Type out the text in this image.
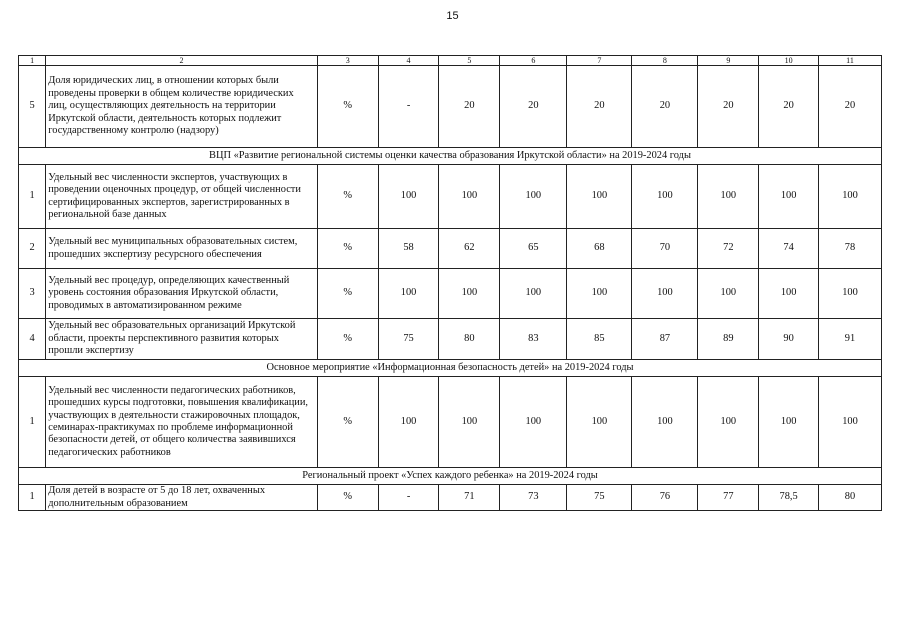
15
1	2	3	4	5	6	7	8	9	10	11
5	Доля юридических лиц, в отношении которых были проведены проверки в общем количестве юридических лиц, осуществляющих деятельность на территории Иркутской области, деятельность которых подлежит государственному контролю (надзору)	%	-	20	20	20	20	20	20	20
ВЦП «Развитие региональной системы оценки качества образования Иркутской области» на 2019-2024 годы										
1	Удельный вес численности экспертов, участвующих в проведении оценочных процедур, от общей численности сертифицированных экспертов, зарегистрированных в региональной базе данных	%	100	100	100	100	100	100	100	100
2	Удельный вес муниципальных образовательных систем, прошедших экспертизу ресурсного обеспечения	%	58	62	65	68	70	72	74	78
3	Удельный вес процедур, определяющих качественный уровень состояния образования Иркутской области, проводимых в автоматизированном режиме	%	100	100	100	100	100	100	100	100
4	Удельный вес образовательных организаций Иркутской области, проекты перспективного развития которых прошли экспертизу	%	75	80	83	85	87	89	90	91
Основное мероприятие «Информационная безопасность детей» на 2019-2024 годы										
1	Удельный вес численности педагогических работников, прошедших курсы подготовки, повышения квалификации, участвующих в деятельности стажировочных площадок, семинарах-практикумах по проблеме информационной безопасности детей, от общего количества заявившихся педагогических работников	%	100	100	100	100	100	100	100	100
Региональный проект «Успех каждого ребенка» на 2019-2024 годы										
1	Доля детей в возрасте от 5 до 18 лет, охваченных дополнительным образованием	%	-	71	73	75	76	77	78,5	80
